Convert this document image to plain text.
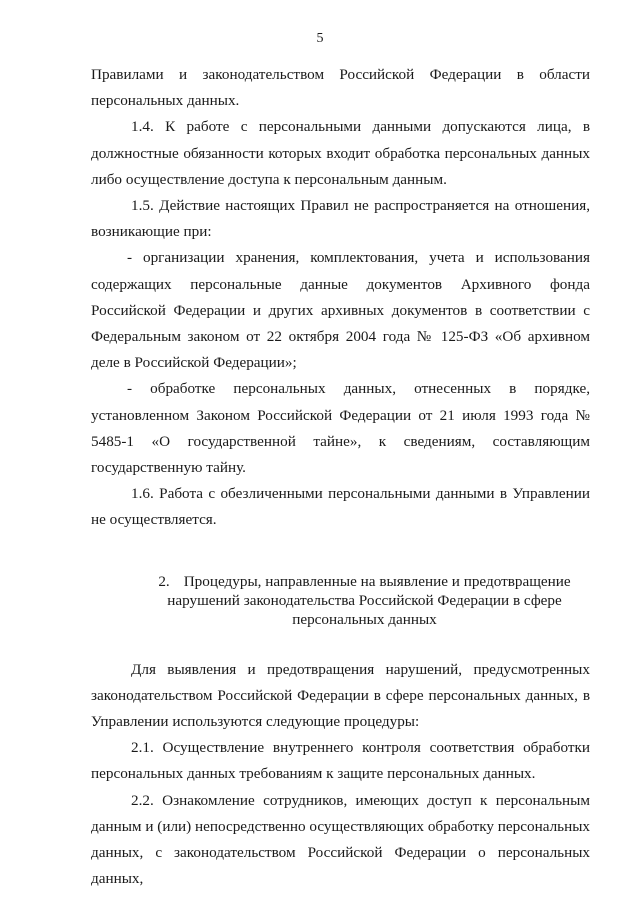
5

Правилами и законодательством Российской Федерации в области персональных данных.

1.4. К работе с персональными данными допускаются лица, в должностные обязанности которых входит обработка персональных данных либо осуществление доступа к персональным данным.

1.5. Действие настоящих Правил не распространяется на отношения, возникающие при:

- организации хранения, комплектования, учета и использования содержащих персональные данные документов Архивного фонда Российской Федерации и других архивных документов в соответствии с Федеральным законом от 22 октября 2004 года № 125-ФЗ «Об архивном деле в Российской Федерации»;

- обработке персональных данных, отнесенных в порядке, установленном Законом Российской Федерации от 21 июля 1993 года № 5485-1 «О государственной тайне», к сведениям, составляющим государственную тайну.

1.6. Работа с обезличенными персональными данными в Управлении не осуществляется.

2. Процедуры, направленные на выявление и предотвращение нарушений законодательства Российской Федерации в сфере персональных данных

Для выявления и предотвращения нарушений, предусмотренных законодательством Российской Федерации в сфере персональных данных, в Управлении используются следующие процедуры:

2.1. Осуществление внутреннего контроля соответствия обработки персональных данных требованиям к защите персональных данных.

2.2. Ознакомление сотрудников, имеющих доступ к персональным данным и (или) непосредственно осуществляющих обработку персональных данных, с законодательством Российской Федерации о персональных данных,
